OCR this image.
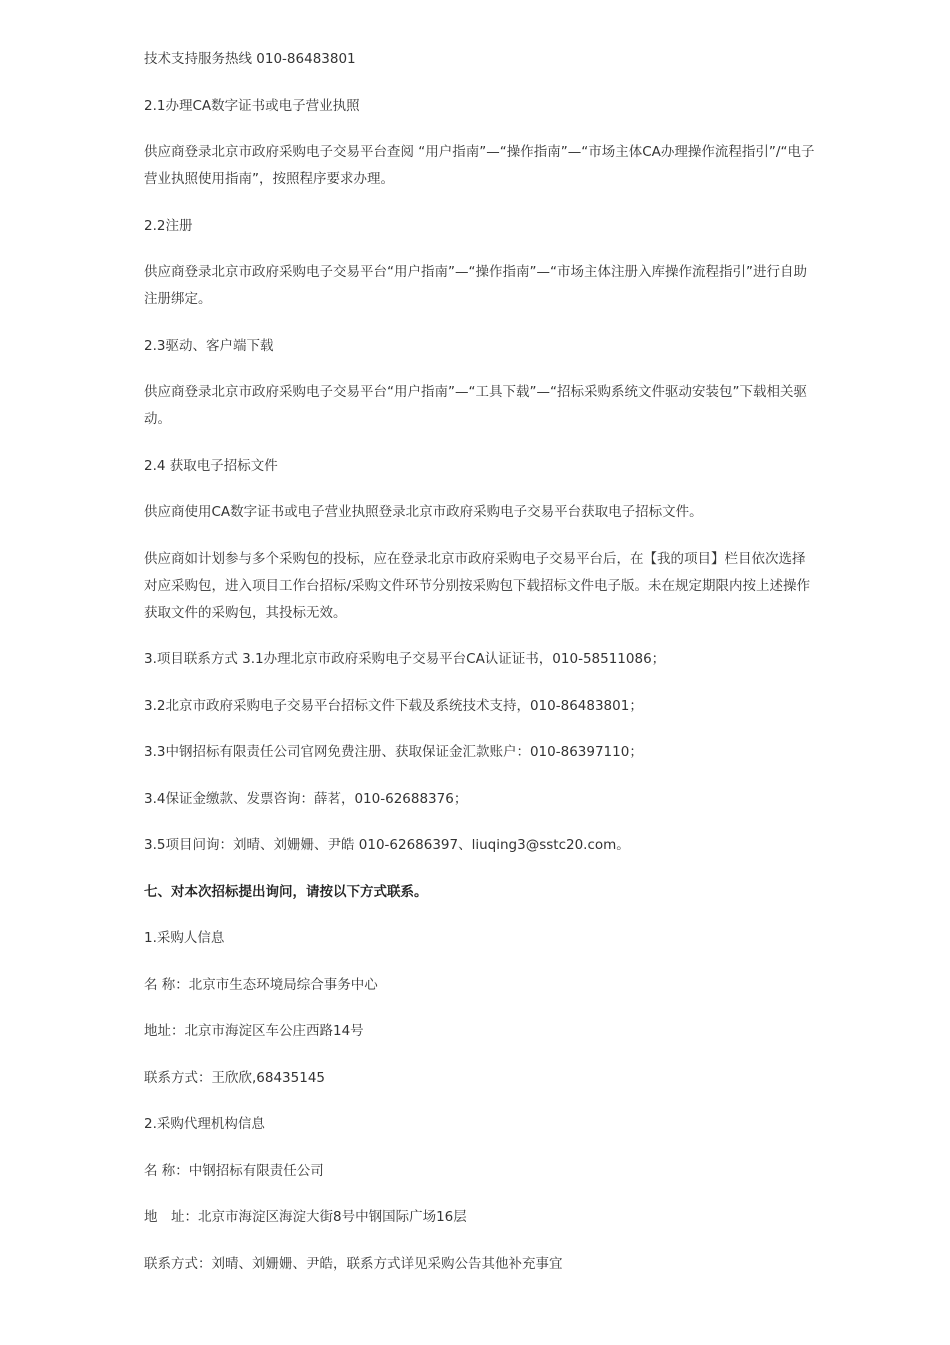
技术支持服务热线 010-86483801

2.1办理CA数字证书或电子营业执照

供应商登录北京市政府采购电子交易平台查阅 “用户指南”—“操作指南”—“市场主体CA办理操作流程指引”/“电子营业执照使用指南”，按照程序要求办理。

2.2注册

供应商登录北京市政府采购电子交易平台“用户指南”—“操作指南”—“市场主体注册入库操作流程指引”进行自助注册绑定。

2.3驱动、客户端下载

供应商登录北京市政府采购电子交易平台“用户指南”—“工具下载”—“招标采购系统文件驱动安装包”下载相关驱动。

2.4 获取电子招标文件

供应商使用CA数字证书或电子营业执照登录北京市政府采购电子交易平台获取电子招标文件。

供应商如计划参与多个采购包的投标，应在登录北京市政府采购电子交易平台后，在【我的项目】栏目依次选择对应采购包，进入项目工作台招标/采购文件环节分别按采购包下载招标文件电子版。未在规定期限内按上述操作获取文件的采购包，其投标无效。

3.项目联系方式 3.1办理北京市政府采购电子交易平台CA认证证书，010-58511086；

3.2北京市政府采购电子交易平台招标文件下载及系统技术支持，010-86483801；

3.3中钢招标有限责任公司官网免费注册、获取保证金汇款账户：010-86397110；

3.4保证金缴款、发票咨询：薛茗，010-62688376；

3.5项目问询：刘晴、刘姗姗、尹皓 010-62686397、liuqing3@sstc20.com。

七、对本次招标提出询问，请按以下方式联系。

1.采购人信息

名 称：北京市生态环境局综合事务中心

地址：北京市海淀区车公庄西路14号

联系方式：王欣欣,68435145

2.采购代理机构信息

名 称：中钢招标有限责任公司

地　址：北京市海淀区海淀大街8号中钢国际广场16层

联系方式：刘晴、刘姗姗、尹皓，联系方式详见采购公告其他补充事宜
